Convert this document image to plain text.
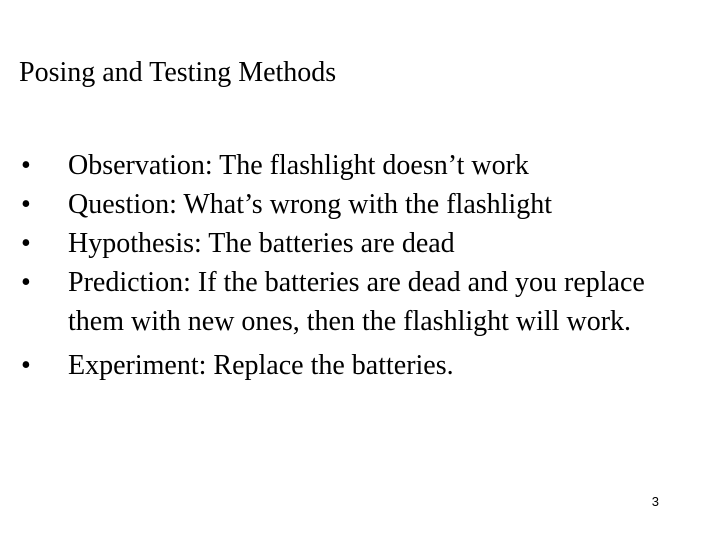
Posing and Testing Methods
•	Observation: The flashlight doesn’t work
•	Question: What’s wrong with the flashlight
•	Hypothesis: The batteries are dead
•	Prediction: If the batteries are dead and you replace them with new ones, then the flashlight will work.
•	Experiment: Replace the batteries.
3
